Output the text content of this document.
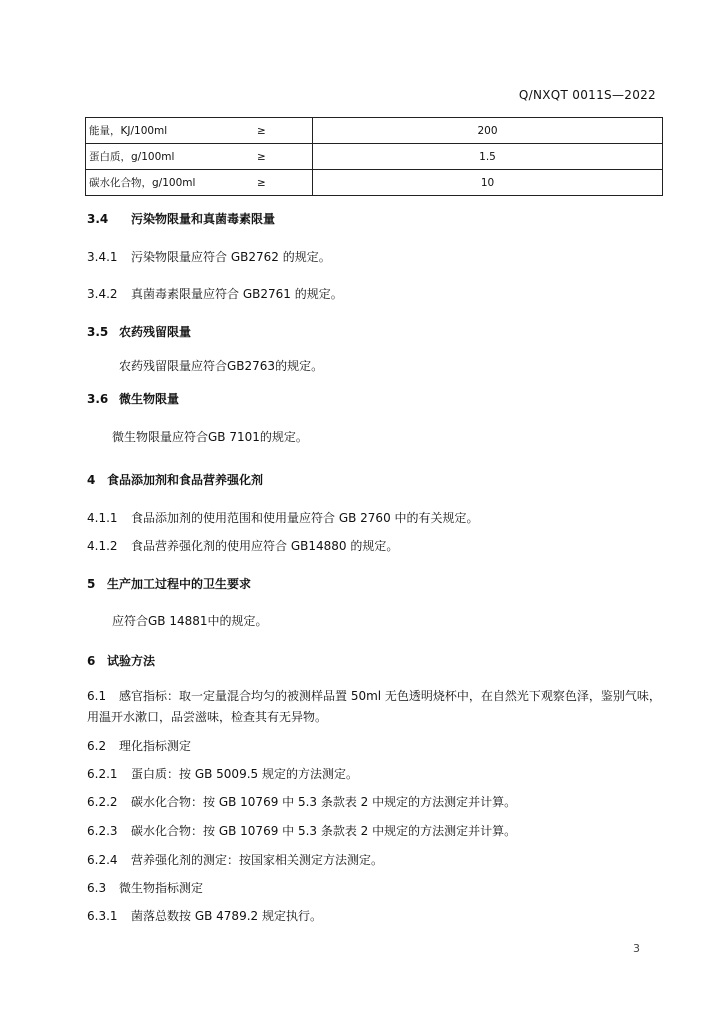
Q/NXQT 0011S—2022
能量，KJ/100ml	≥	200
蛋白质，g/100ml	≥	1.5
碳水化合物，g/100ml	≥	10
3.4 污染物限量和真菌毒素限量
3.4.1 污染物限量应符合 GB2762 的规定。
3.4.2 真菌毒素限量应符合 GB2761 的规定。
3.5 农药残留限量
农药残留限量应符合GB2763的规定。
3.6 微生物限量
微生物限量应符合GB 7101的规定。
4 食品添加剂和食品营养强化剂
4.1.1 食品添加剂的使用范围和使用量应符合 GB 2760 中的有关规定。
4.1.2 食品营养强化剂的使用应符合 GB14880 的规定。
5 生产加工过程中的卫生要求
应符合GB 14881中的规定。
6 试验方法
6.1 感官指标：取一定量混合均匀的被测样品置 50ml 无色透明烧杯中，在自然光下观察色泽，鉴别气味，用温开水漱口，品尝滋味，检查其有无异物。
6.2 理化指标测定
6.2.1 蛋白质：按 GB 5009.5 规定的方法测定。
6.2.2 碳水化合物：按 GB 10769 中 5.3 条款表 2 中规定的方法测定并计算。
6.2.3 碳水化合物：按 GB 10769 中 5.3 条款表 2 中规定的方法测定并计算。
6.2.4 营养强化剂的测定：按国家相关测定方法测定。
6.3 微生物指标测定
6.3.1 菌落总数按 GB 4789.2 规定执行。
3
